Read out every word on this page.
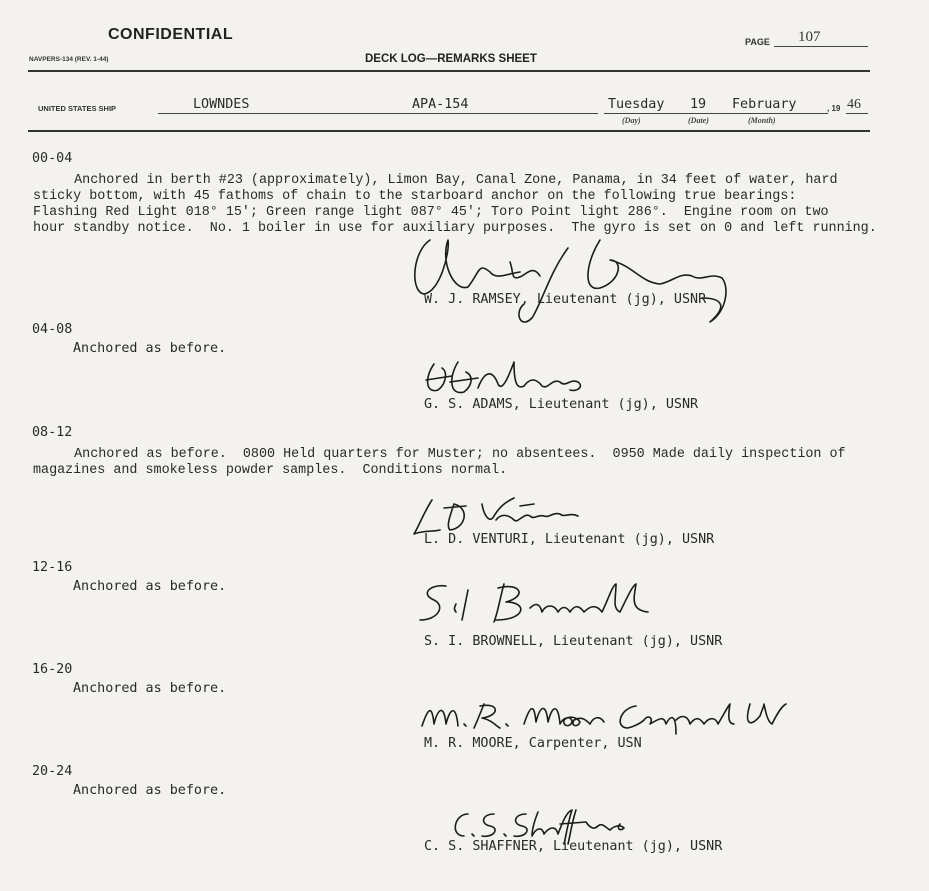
CONFIDENTIAL	PAGE 107
NAVPERS-134 (REV. 1-44)	DECK LOG—REMARKS SHEET
UNITED STATES SHIP	LOWNDES	APA-154	Tuesday 19 February	, 19 46
(Day)	(Date)	(Month)
00-04
Anchored in berth #23 (approximately), Limon Bay, Canal Zone, Panama, in 34 feet of water, hard
sticky bottom, with 45 fathoms of chain to the starboard anchor on the following true bearings:
Flashing Red Light 018° 15'; Green range light 087° 45'; Toro Point light 286°.  Engine room on two
hour standby notice.  No. 1 boiler in use for auxiliary purposes.  The gyro is set on 0 and left running.
W. J. RAMSEY, Lieutenant (jg), USNR
04-08
Anchored as before.
G. S. ADAMS, Lieutenant (jg), USNR
08-12
Anchored as before.  0800 Held quarters for Muster; no absentees.  0950 Made daily inspection of
magazines and smokeless powder samples.  Conditions normal.
L. D. VENTURI, Lieutenant (jg), USNR
12-16
Anchored as before.
S. I. BROWNELL, Lieutenant (jg), USNR
16-20
Anchored as before.
M. R. MOORE, Carpenter, USN
20-24
Anchored as before.
C. S. SHAFFNER, Lieutenant (jg), USNR
